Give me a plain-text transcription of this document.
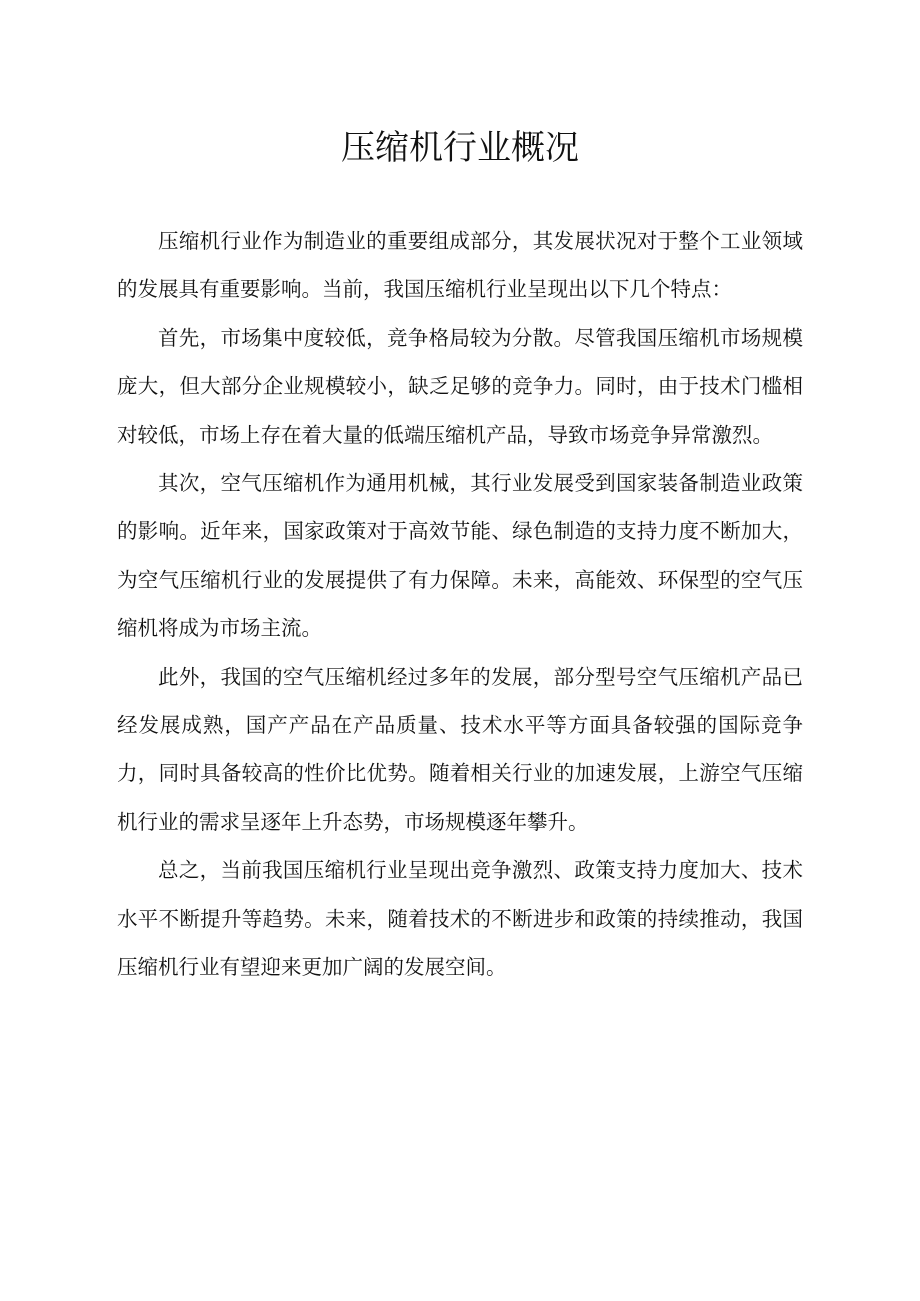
压缩机行业概况

压缩机行业作为制造业的重要组成部分，其发展状况对于整个工业领域的发展具有重要影响。当前，我国压缩机行业呈现出以下几个特点：

首先，市场集中度较低，竞争格局较为分散。尽管我国压缩机市场规模庞大，但大部分企业规模较小，缺乏足够的竞争力。同时，由于技术门槛相对较低，市场上存在着大量的低端压缩机产品，导致市场竞争异常激烈。

其次，空气压缩机作为通用机械，其行业发展受到国家装备制造业政策的影响。近年来，国家政策对于高效节能、绿色制造的支持力度不断加大，为空气压缩机行业的发展提供了有力保障。未来，高能效、环保型的空气压缩机将成为市场主流。

此外，我国的空气压缩机经过多年的发展，部分型号空气压缩机产品已经发展成熟，国产产品在产品质量、技术水平等方面具备较强的国际竞争力，同时具备较高的性价比优势。随着相关行业的加速发展，上游空气压缩机行业的需求呈逐年上升态势，市场规模逐年攀升。

总之，当前我国压缩机行业呈现出竞争激烈、政策支持力度加大、技术水平不断提升等趋势。未来，随着技术的不断进步和政策的持续推动，我国压缩机行业有望迎来更加广阔的发展空间。
